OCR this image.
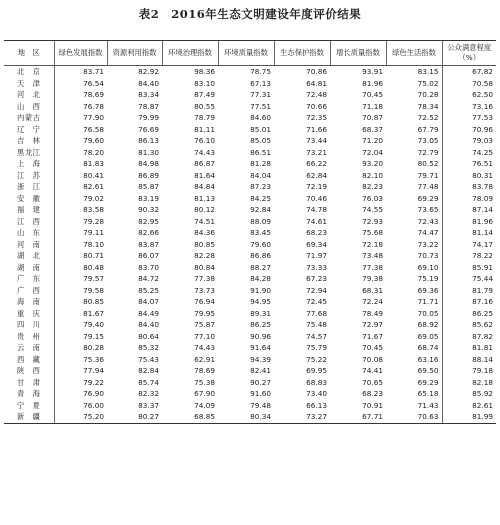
表2　2016年生态文明建设年度评价结果
地　区	绿色发展指数	资源利用指数	环境治理指数	环境质量指数	生态保护指数	增长质量指数	绿色生活指数	公众满意程度（%）
北　京	83.71	82.92	98.36	78.75	70.86	93.91	83.15	67.82
天　津	76.54	84.40	83.10	67.13	64.81	81.96	75.02	70.58
河　北	78.69	83.34	87.49	77.31	72.48	70.45	70.28	62.50
山　西	76.78	78.87	80.55	77.51	70.66	71.18	78.34	73.16
内蒙古	77.90	79.99	78.79	84.60	72.35	70.87	72.52	77.53
辽　宁	76.58	76.69	81.11	85.01	71.66	68.37	67.79	70.96
吉　林	79.60	86.13	76.10	85.05	73.44	71.20	73.05	79.03
黑龙江	78.20	81.30	74.43	86.51	73.21	72.04	72.79	74.25
上　海	81.83	84.98	86.87	81.28	66.22	93.20	80.52	76.51
江　苏	80.41	86.89	81.64	84.04	62.84	82.10	79.71	80.31
浙　江	82.61	85.87	84.84	87.23	72.19	82.23	77.48	83.78
安　徽	79.02	83.19	81.13	84.25	70.46	76.03	69.29	78.09
福　建	83.58	90.32	80.12	92.84	74.78	74.55	73.65	87.14
江　西	79.28	82.95	74.51	88.09	74.61	72.93	72.43	81.96
山　东	79.11	82.66	84.36	83.45	68.23	75.68	74.47	81.14
河　南	78.10	83.87	80.85	79.60	69.34	72.18	73.22	74.17
湖　北	80.71	86.07	82.28	86.86	71.97	73.48	70.73	78.22
湖　南	80.48	83.70	80.84	88.27	73.33	77.38	69.10	85.91
广　东	79.57	84.72	77.38	84.28	67.23	79.38	75.19	75.44
广　西	79.58	85.25	73.73	91.90	72.94	68.31	69.36	81.79
海　南	80.85	84.07	76.94	94.95	72.45	72.24	71.71	87.16
重　庆	81.67	84.49	79.95	89.31	77.68	78.49	70.05	86.25
四　川	79.40	84.40	75.87	86.25	75.48	72.97	68.92	85.62
贵　州	79.15	80.64	77.10	90.96	74.57	71.67	69.05	87.82
云　南	80.28	85.32	74.43	91.64	75.79	70.45	68.74	81.81
西　藏	75.36	75.43	62.91	94.39	75.22	70.08	63.16	88.14
陕　西	77.94	82.84	78.69	82.41	69.95	74.41	69.50	79.18
甘　肃	79.22	85.74	75.38	90.27	68.83	70.65	69.29	82.18
青　海	76.90	82.32	67.90	91.60	73.40	68.23	65.18	85.92
宁　夏	76.00	83.37	74.09	79.48	66.13	70.91	71.43	82.61
新　疆	75.20	80.27	68.85	80.34	73.27	67.71	70.63	81.99
